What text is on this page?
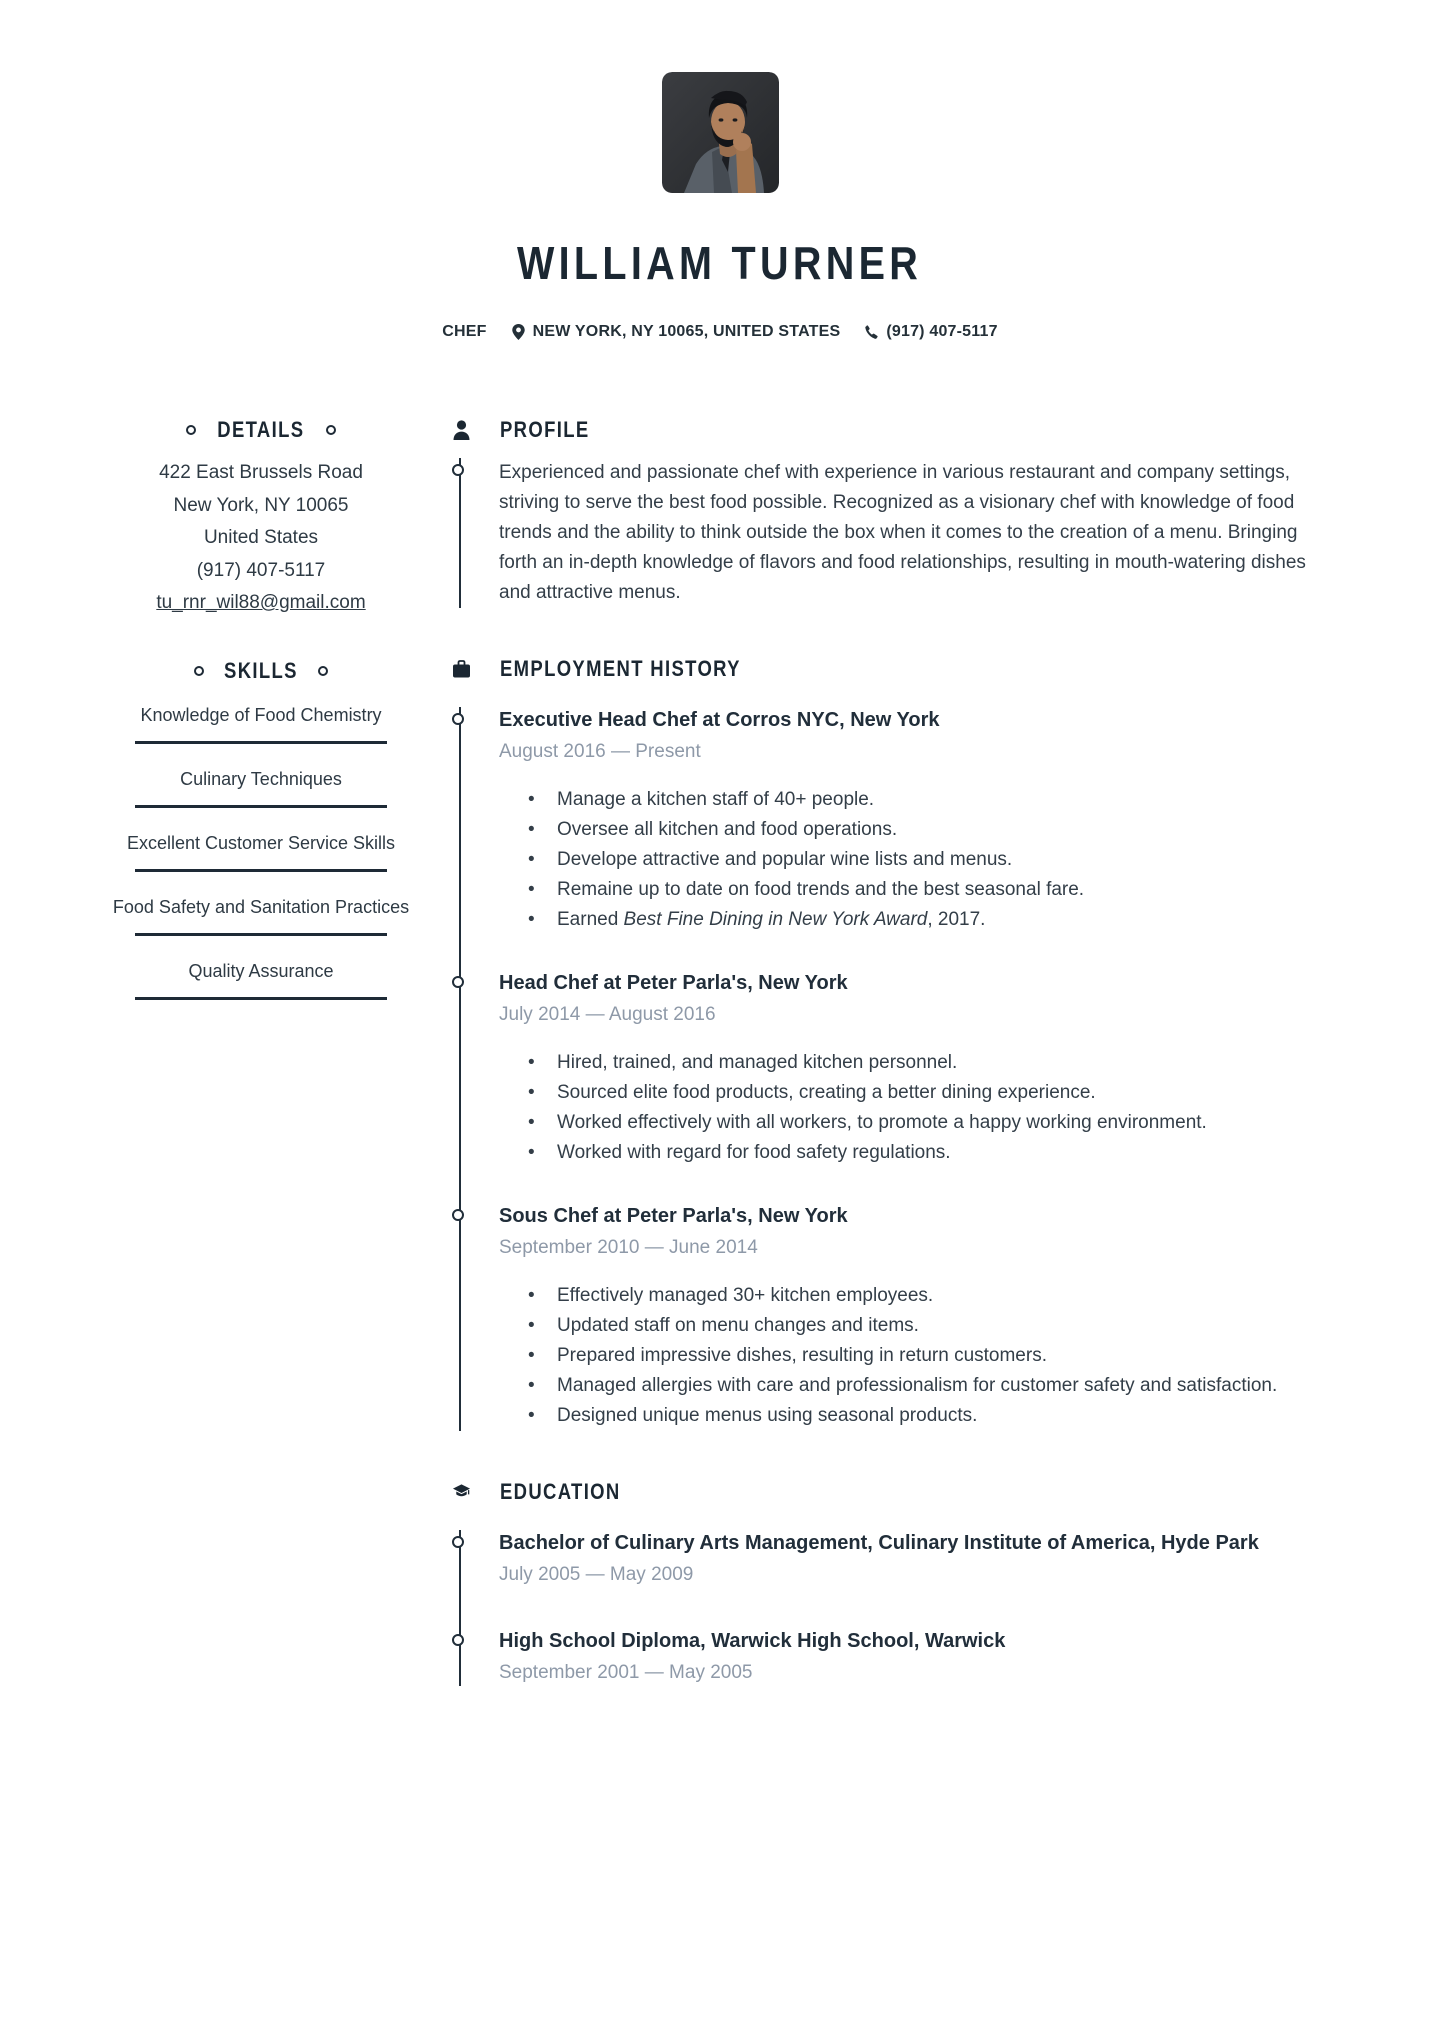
WILLIAM TURNER
CHEF	NEW YORK, NY 10065, UNITED STATES	(917) 407-5117
DETAILS
422 East Brussels Road
New York, NY 10065
United States
(917) 407-5117
tu_rnr_wil88@gmail.com
SKILLS
Knowledge of Food Chemistry
Culinary Techniques
Excellent Customer Service Skills
Food Safety and Sanitation Practices
Quality Assurance
PROFILE

Experienced and passionate chef with experience in various restaurant and company settings, striving to serve the best food possible. Recognized as a visionary chef with knowledge of food trends and the ability to think outside the box when it comes to the creation of a menu. Bringing forth an in-depth knowledge of flavors and food relationships, resulting in mouth-watering dishes and attractive menus.

EMPLOYMENT HISTORY
Executive Head Chef at Corros NYC, New York
August 2016 — Present
• Manage a kitchen staff of 40+ people.
• Oversee all kitchen and food operations.
• Develope attractive and popular wine lists and menus.
• Remaine up to date on food trends and the best seasonal fare.
• Earned Best Fine Dining in New York Award, 2017.
Head Chef at Peter Parla's, New York
July 2014 — August 2016
• Hired, trained, and managed kitchen personnel.
• Sourced elite food products, creating a better dining experience.
• Worked effectively with all workers, to promote a happy working environment.
• Worked with regard for food safety regulations.
Sous Chef at Peter Parla's, New York
September 2010 — June 2014
• Effectively managed 30+ kitchen employees.
• Updated staff on menu changes and items.
• Prepared impressive dishes, resulting in return customers.
• Managed allergies with care and professionalism for customer safety and satisfaction.
• Designed unique menus using seasonal products.
EDUCATION
Bachelor of Culinary Arts Management, Culinary Institute of America, Hyde Park
July 2005 — May 2009
High School Diploma, Warwick High School, Warwick
September 2001 — May 2005
